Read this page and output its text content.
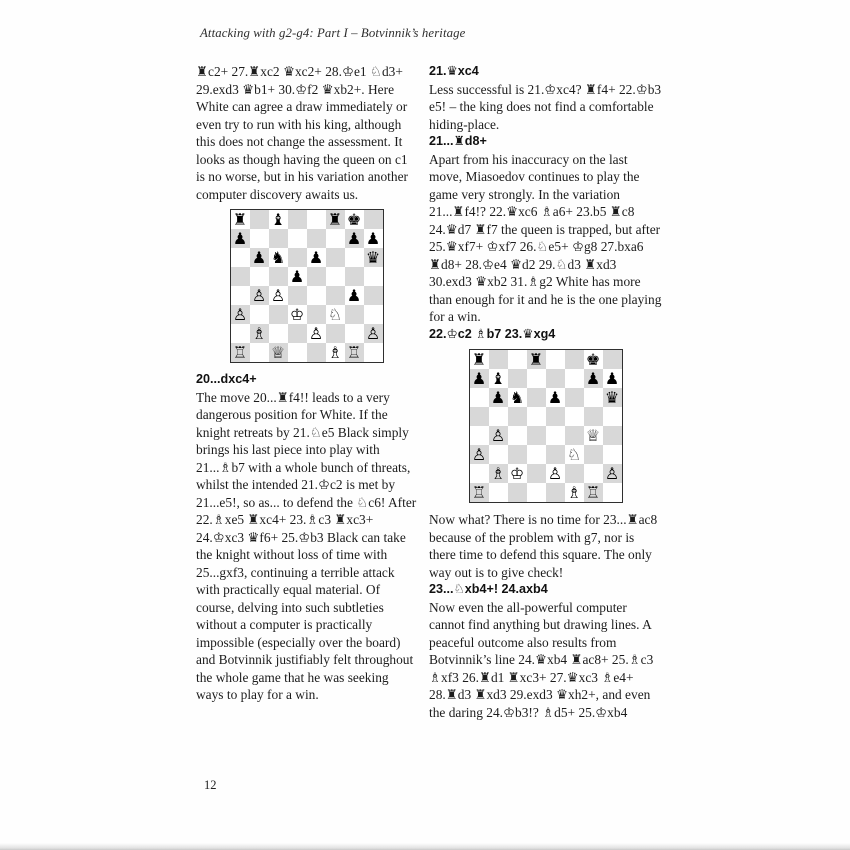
Attacking with g2-g4: Part I – Botvinnik’s heritage

♜c2+ 27.♜xc2 ♛xc2+ 28.♔e1 ♘d3+ 29.exd3 ♛b1+ 30.♔f2 ♛xb2+. Here White can agree a draw immediately or even try to run with his king, although this does not change the assessment. It looks as though having the queen on c1 is no worse, but in his variation another computer discovery awaits us.

♜ ♝	♜ ♚
♟	♟ ♟
♟ ♞ ♟	♛
♟
♙ ♙	♟
♙	♔ ♘
♗	♙	♙
♖ ♕	♗ ♖

20...dxc4+

The move 20...♜f4!! leads to a very dangerous position for White. If the knight retreats by 21.♘e5 Black simply brings his last piece into play with 21...♗b7 with a whole bunch of threats, whilst the intended 21.♔c2 is met by 21...e5!, so as... to defend the ♘c6! After 22.♗xe5 ♜xc4+ 23.♗c3 ♜xc3+ 24.♔xc3 ♛f6+ 25.♔b3 Black can take the knight without loss of time with 25...gxf3, continuing a terrible attack with practically equal material. Of course, delving into such subtleties without a computer is practically impossible (especially over the board) and Botvinnik justifiably felt throughout the whole game that he was seeking ways to play for a win.

21.♛xc4

Less successful is 21.♔xc4? ♜f4+ 22.♔b3 e5! – the king does not find a comfortable hiding-place.

21...♜d8+

Apart from his inaccuracy on the last move, Miasoedov continues to play the game very strongly. In the variation 21...♜f4!? 22.♛xc6 ♗a6+ 23.b5 ♜c8 24.♛d7 ♜f7 the queen is trapped, but after 25.♛xf7+ ♔xf7 26.♘e5+ ♔g8 27.bxa6 ♜d8+ 28.♔e4 ♛d2 29.♘d3 ♜xd3 30.exd3 ♛xb2 31.♗g2 White has more than enough for it and he is the one playing for a win.

22.♔c2 ♗b7 23.♛xg4

♜	♜	♚
♟ ♝	♟ ♟
♟ ♞ ♟	♛
♙	♕
♙	♘
♗ ♔ ♙	♙
♖	♗ ♖

Now what? There is no time for 23...♜ac8 because of the problem with g7, nor is there time to defend this square. The only way out is to give check!

23...♘xb4+! 24.axb4

Now even the all-powerful computer cannot find anything but drawing lines. A peaceful outcome also results from Botvinnik’s line 24.♛xb4 ♜ac8+ 25.♗c3 ♗xf3 26.♜d1 ♜xc3+ 27.♛xc3 ♗e4+ 28.♜d3 ♜xd3 29.exd3 ♛xh2+, and even the daring 24.♔b3!? ♗d5+ 25.♔xb4

12
